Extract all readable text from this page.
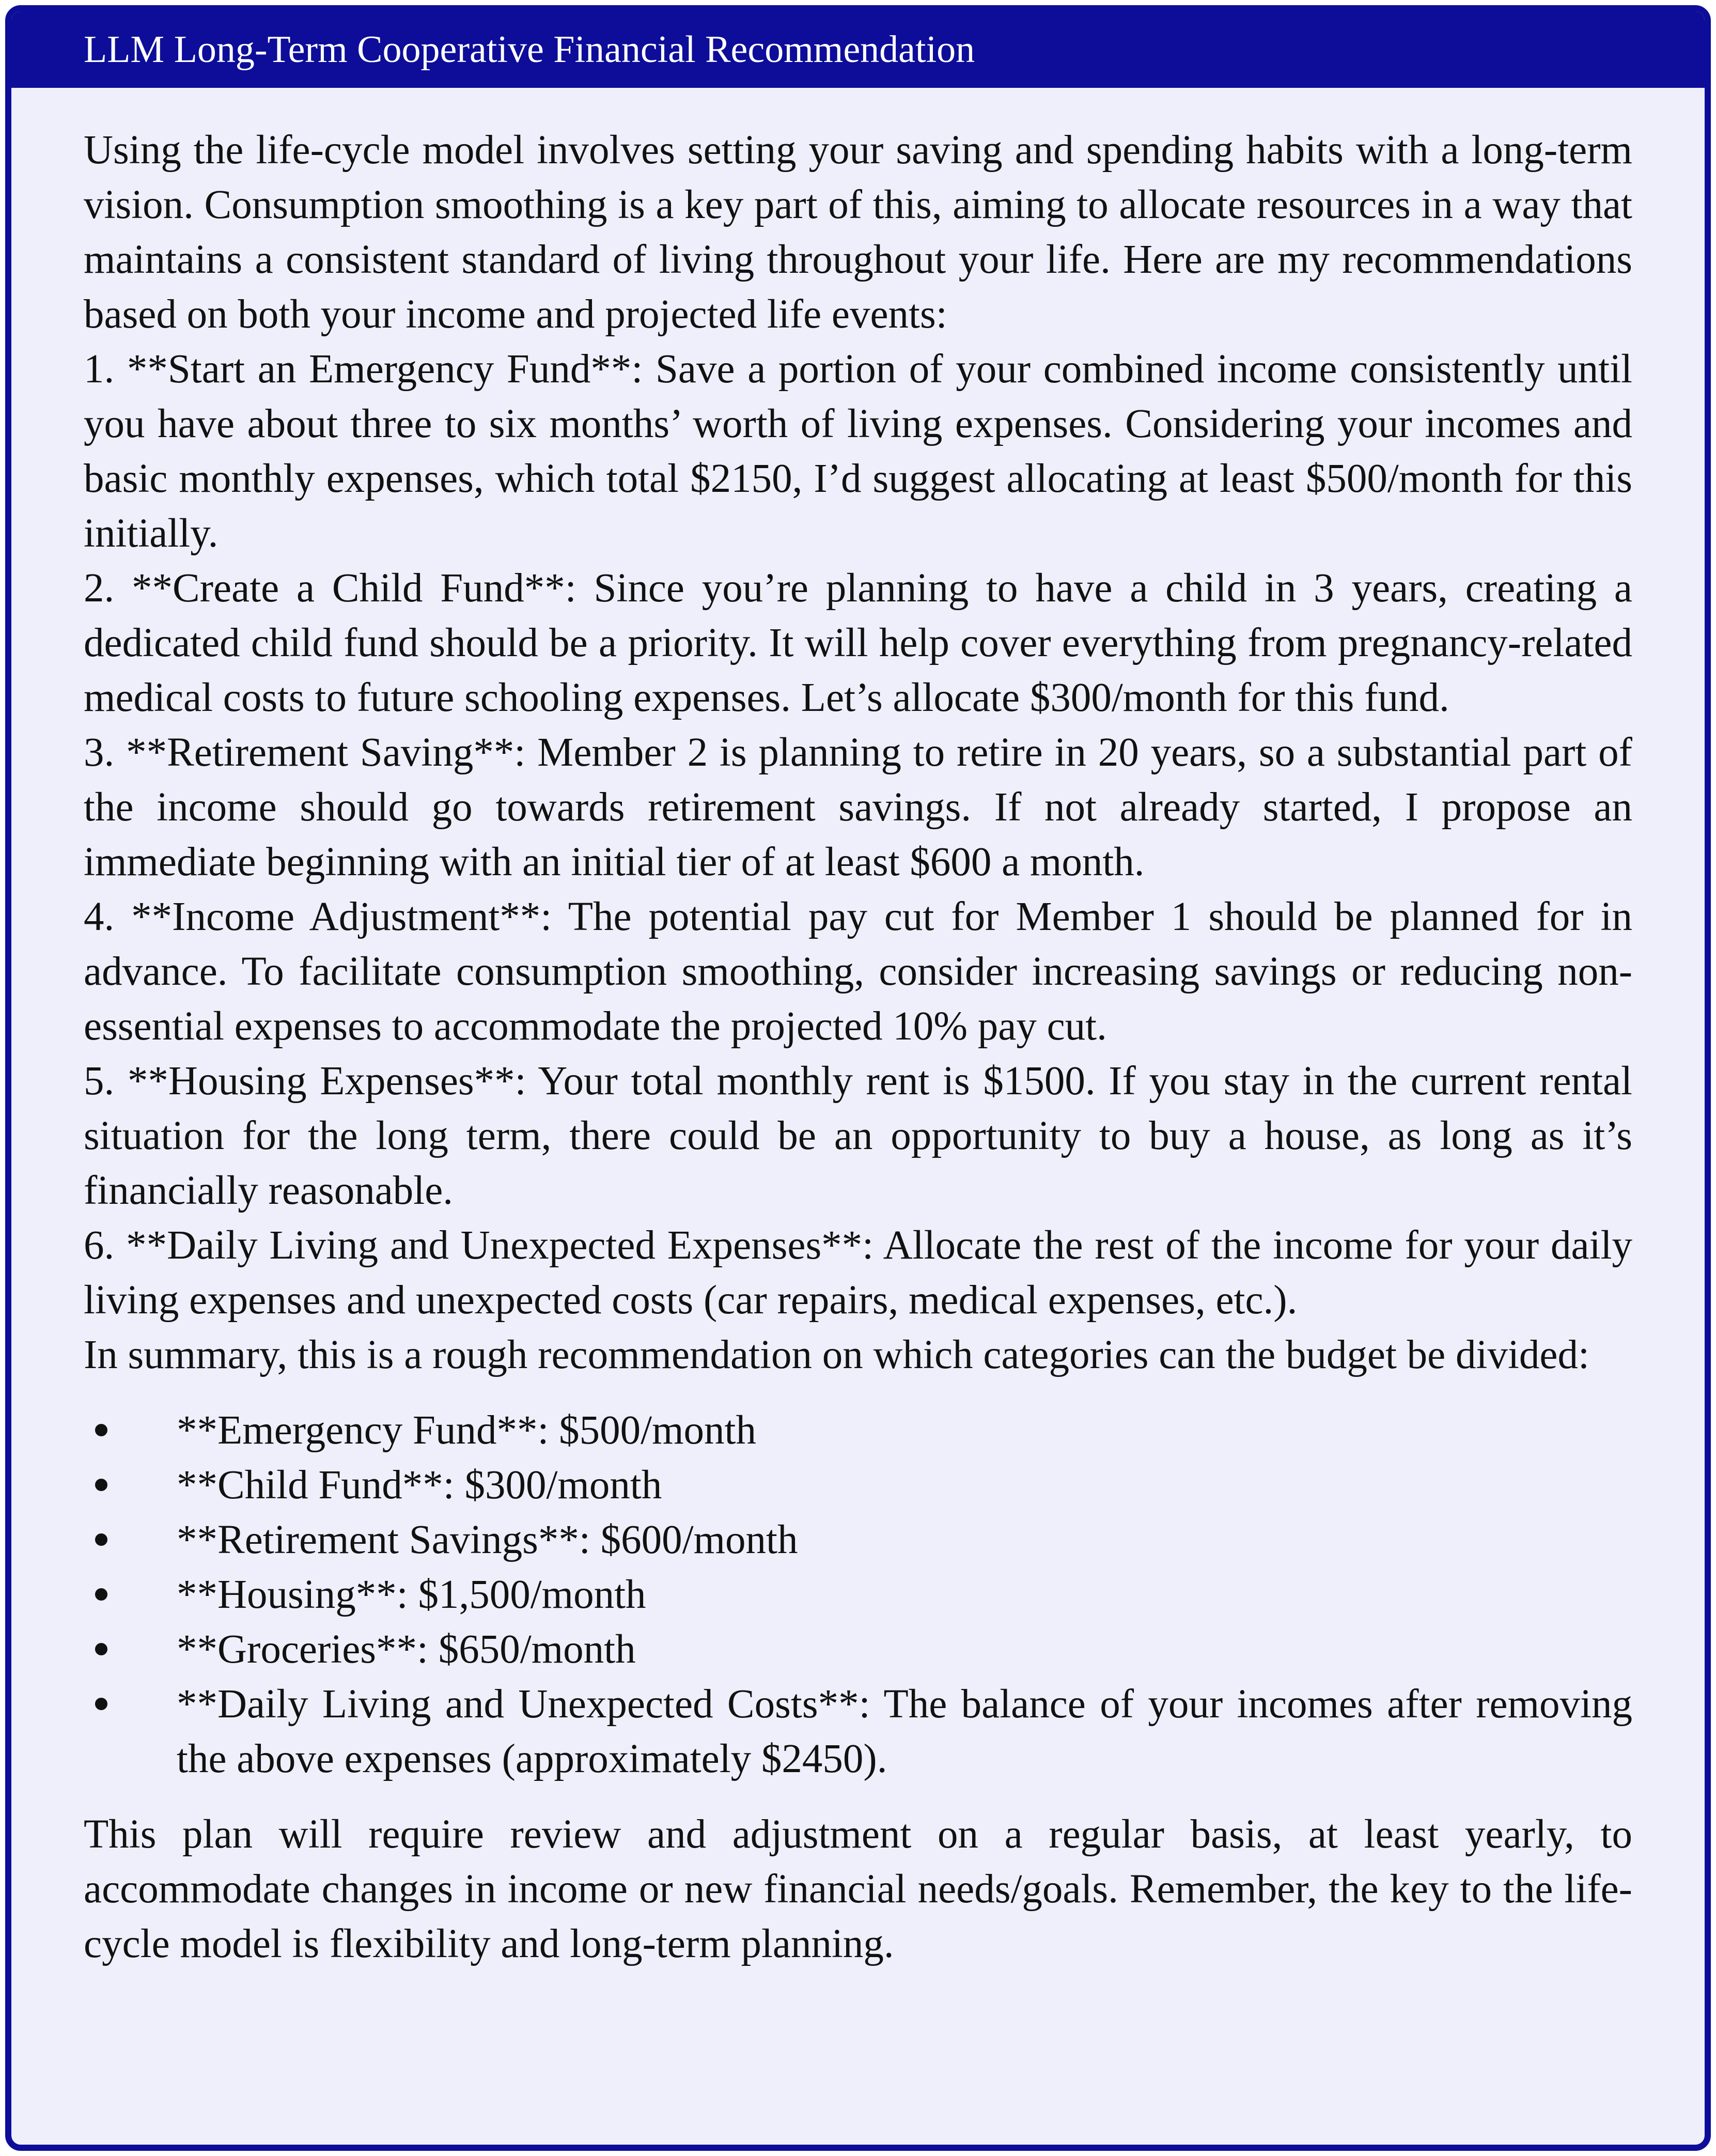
LLM Long-Term Cooperative Financial Recommendation

Using the life-cycle model involves setting your saving and spending habits with a long-term vision. Consumption smoothing is a key part of this, aiming to allocate resources in a way that maintains a consistent standard of living throughout your life. Here are my recommendations based on both your income and projected life events:

1. **Start an Emergency Fund**: Save a portion of your combined income consistently until you have about three to six months’ worth of living expenses. Considering your incomes and basic monthly expenses, which total $2150, I’d suggest allocating at least $500/month for this initially.

2. **Create a Child Fund**: Since you’re planning to have a child in 3 years, creating a dedicated child fund should be a priority. It will help cover everything from pregnancy-related medical costs to future schooling expenses. Let’s allocate $300/month for this fund.

3. **Retirement Saving**: Member 2 is planning to retire in 20 years, so a substantial part of the income should go towards retirement savings. If not already started, I propose an immediate beginning with an initial tier of at least $600 a month.

4. **Income Adjustment**: The potential pay cut for Member 1 should be planned for in advance. To facilitate consumption smoothing, consider increasing savings or reducing non-essential expenses to accommodate the projected 10% pay cut.

5. **Housing Expenses**: Your total monthly rent is $1500. If you stay in the current rental situation for the long term, there could be an opportunity to buy a house, as long as it’s financially reasonable.

6. **Daily Living and Unexpected Expenses**: Allocate the rest of the income for your daily living expenses and unexpected costs (car repairs, medical expenses, etc.).

In summary, this is a rough recommendation on which categories can the budget be divided:

**Emergency Fund**: $500/month
**Child Fund**: $300/month
**Retirement Savings**: $600/month
**Housing**: $1,500/month
**Groceries**: $650/month
**Daily Living and Unexpected Costs**: The balance of your incomes after removing the above expenses (approximately $2450).

This plan will require review and adjustment on a regular basis, at least yearly, to accommodate changes in income or new financial needs/goals. Remember, the key to the life-cycle model is flexibility and long-term planning.
